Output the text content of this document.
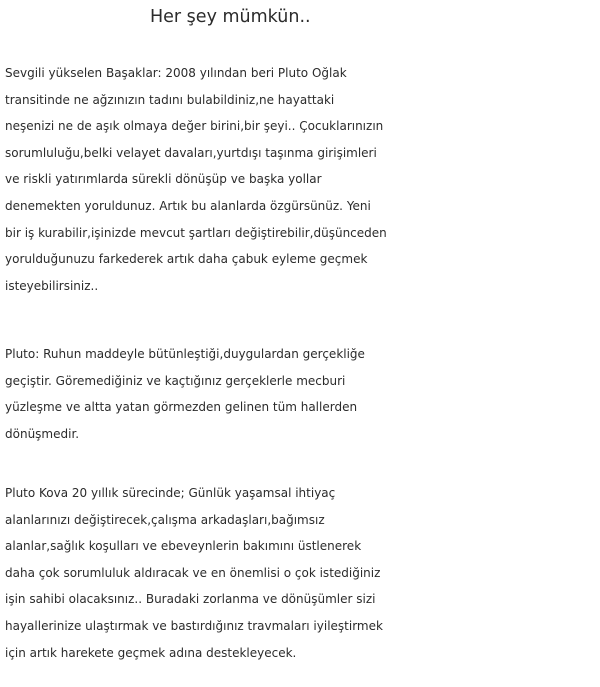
Her şey mümkün..
Sevgili yükselen Başaklar: 2008 yılından beri Pluto Oğlak
transitinde ne ağzınızın tadını bulabildiniz,ne hayattaki
neşenizi ne de aşık olmaya değer birini,bir şeyi.. Çocuklarınızın
sorumluluğu,belki velayet davaları,yurtdışı taşınma girişimleri
ve riskli yatırımlarda sürekli dönüşüp ve başka yollar
denemekten yoruldunuz. Artık bu alanlarda özgürsünüz. Yeni
bir iş kurabilir,işinizde mevcut şartları değiştirebilir,düşünceden
yorulduğunuzu farkederek artık daha çabuk eyleme geçmek
isteyebilirsiniz..
Pluto: Ruhun maddeyle bütünleştiği,duygulardan gerçekliğe
geçiştir. Göremediğiniz ve kaçtığınız gerçeklerle mecburi
yüzleşme ve altta yatan görmezden gelinen tüm hallerden
dönüşmedir.
Pluto Kova 20 yıllık sürecinde; Günlük yaşamsal ihtiyaç
alanlarınızı değiştirecek,çalışma arkadaşları,bağımsız
alanlar,sağlık koşulları ve ebeveynlerin bakımını üstlenerek
daha çok sorumluluk aldıracak ve en önemlisi o çok istediğiniz
işin sahibi olacaksınız.. Buradaki zorlanma ve dönüşümler sizi
hayallerinize ulaştırmak ve bastırdığınız travmaları iyileştirmek
için artık harekete geçmek adına destekleyecek.
